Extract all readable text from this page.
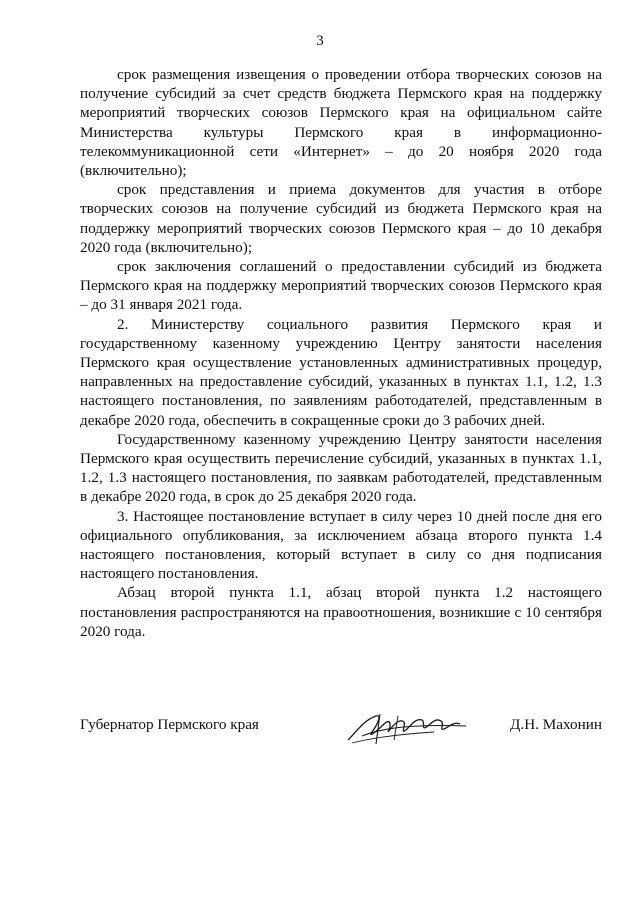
3

срок размещения извещения о проведении отбора творческих союзов на получение субсидий за счет средств бюджета Пермского края на поддержку мероприятий творческих союзов Пермского края на официальном сайте Министерства культуры Пермского края в информационно-телекоммуникационной сети «Интернет» – до 20 ноября 2020 года (включительно);

срок представления и приема документов для участия в отборе творческих союзов на получение субсидий из бюджета Пермского края на поддержку мероприятий творческих союзов Пермского края – до 10 декабря 2020 года (включительно);

срок заключения соглашений о предоставлении субсидий из бюджета Пермского края на поддержку мероприятий творческих союзов Пермского края – до 31 января 2021 года.

2. Министерству социального развития Пермского края и государственному казенному учреждению Центру занятости населения Пермского края осуществление установленных административных процедур, направленных на предоставление субсидий, указанных в пунктах 1.1, 1.2, 1.3 настоящего постановления, по заявлениям работодателей, представленным в декабре 2020 года, обеспечить в сокращенные сроки до 3 рабочих дней.

Государственному казенному учреждению Центру занятости населения Пермского края осуществить перечисление субсидий, указанных в пунктах 1.1, 1.2, 1.3 настоящего постановления, по заявкам работодателей, представленным в декабре 2020 года, в срок до 25 декабря 2020 года.

3. Настоящее постановление вступает в силу через 10 дней после дня его официального опубликования, за исключением абзаца второго пункта 1.4 настоящего постановления, который вступает в силу со дня подписания настоящего постановления.

Абзац второй пункта 1.1, абзац второй пункта 1.2 настоящего постановления распространяются на правоотношения, возникшие с 10 сентября 2020 года.

Губернатор Пермского края	Д.Н. Махонин
